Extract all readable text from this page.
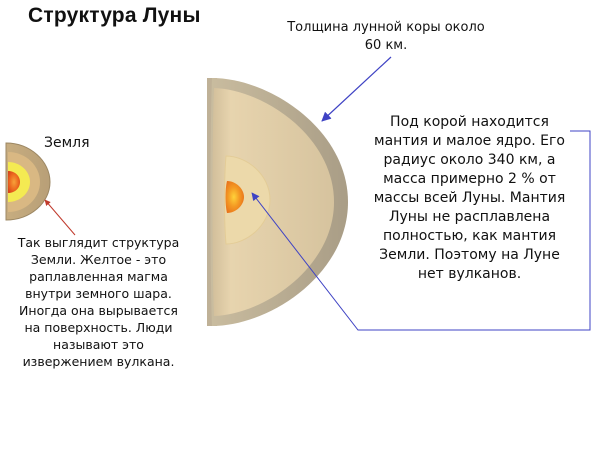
Структура Луны
Толщина лунной коры около
60 км.
Под корой находится
мантия и малое ядро. Его
радиус около 340 км, а
масса примерно 2 % от
массы всей Луны. Мантия
Луны не расплавлена
полностью, как мантия
Земли. Поэтому на Луне
нет вулканов.
Земля
Так выглядит структура
Земли. Желтое - это
раплавленная магма
внутри земного шара.
Иногда она вырывается
на поверхность. Люди
называют это
извержением вулкана.
